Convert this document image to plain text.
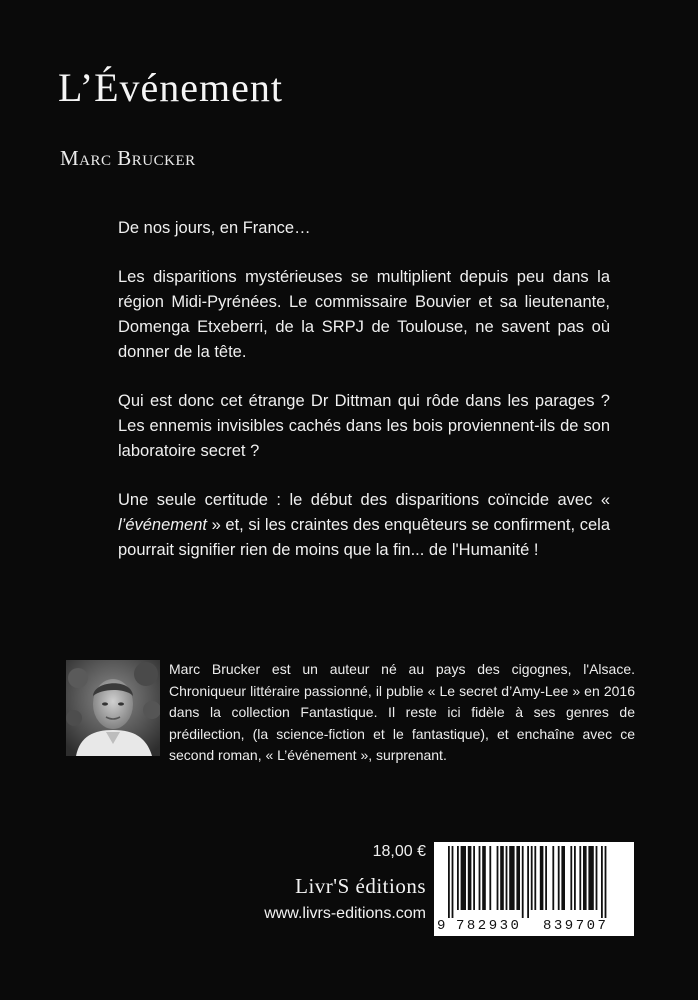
L’Événement
Marc Brucker

De nos jours, en France…

Les disparitions mystérieuses se multiplient depuis peu dans la région Midi-Pyrénées. Le commissaire Bouvier et sa lieutenante, Domenga Etxeberri, de la SRPJ de Toulouse, ne savent pas où donner de la tête.

Qui est donc cet étrange Dr Dittman qui rôde dans les parages ? Les ennemis invisibles cachés dans les bois proviennent-ils de son laboratoire secret ?

Une seule certitude : le début des disparitions coïncide avec « l’événement » et, si les craintes des enquêteurs se confirment, cela pourrait signifier rien de moins que la fin... de l'Humanité !

Marc Brucker est un auteur né au pays des cigognes, l'Alsace. Chroniqueur littéraire passionné, il publie « Le secret d’Amy-Lee » en 2016 dans la collection Fantastique. Il reste ici fidèle à ses genres de prédilection, (la science-fiction et le fantastique), et enchaîne avec ce second roman, « L’événement », surprenant.

18,00 €
Livr'S éditions
www.livrs-editions.com
9 782930 839707
